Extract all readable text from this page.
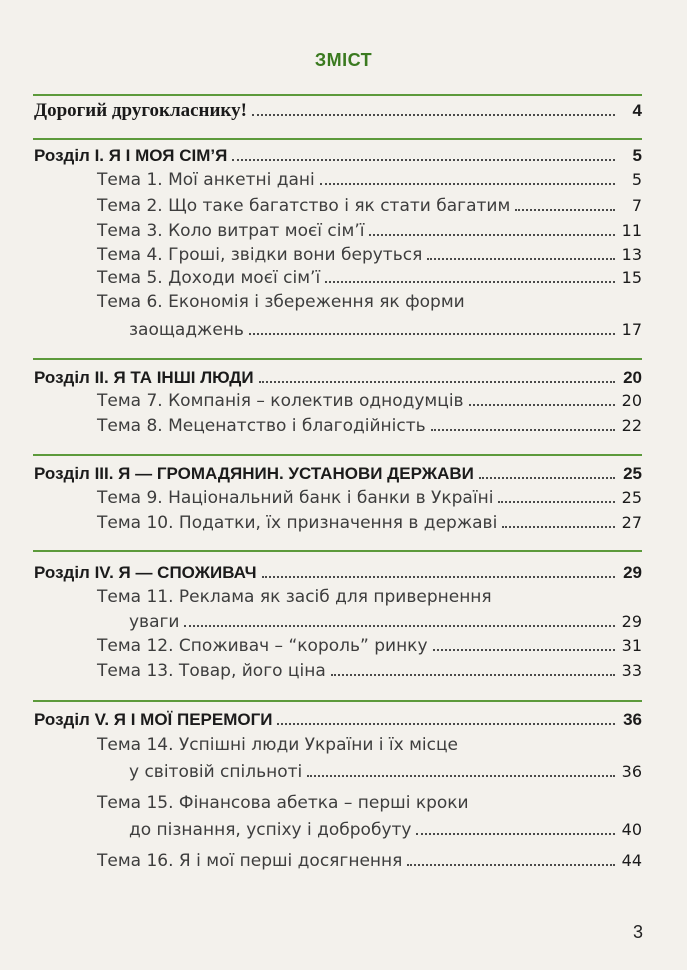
ЗМІСТ
Дорогий другокласнику!	4
Розділ I. Я І МОЯ СІМ’Я	5
Тема 1. Мої анкетні дані	5
Тема 2. Що таке багатство і як стати багатим	7
Тема 3. Коло витрат моєї сім’ї	11
Тема 4. Гроші, звідки вони беруться	13
Тема 5. Доходи моєї сім’ї	15
Тема 6. Економія і збереження як форми
заощаджень	17
Розділ II. Я ТА ІНШІ ЛЮДИ	20
Тема 7. Компанія – колектив однодумців	20
Тема 8. Меценатство і благодійність	22
Розділ III. Я — ГРОМАДЯНИН. УСТАНОВИ ДЕРЖАВИ	25
Тема 9. Національний банк і банки в Україні	25
Тема 10. Податки, їх призначення в державі	27
Розділ IV. Я — СПОЖИВАЧ	29
Тема 11. Реклама як засіб для привернення
уваги	29
Тема 12. Споживач – “король” ринку	31
Тема 13. Товар, його ціна	33
Розділ V. Я І МОЇ ПЕРЕМОГИ	36
Тема 14. Успішні люди України і їх місце
у світовій спільноті	36
Тема 15. Фінансова абетка – перші кроки
до пізнання, успіху і добробуту	40
Тема 16. Я і мої перші досягнення	44
3
